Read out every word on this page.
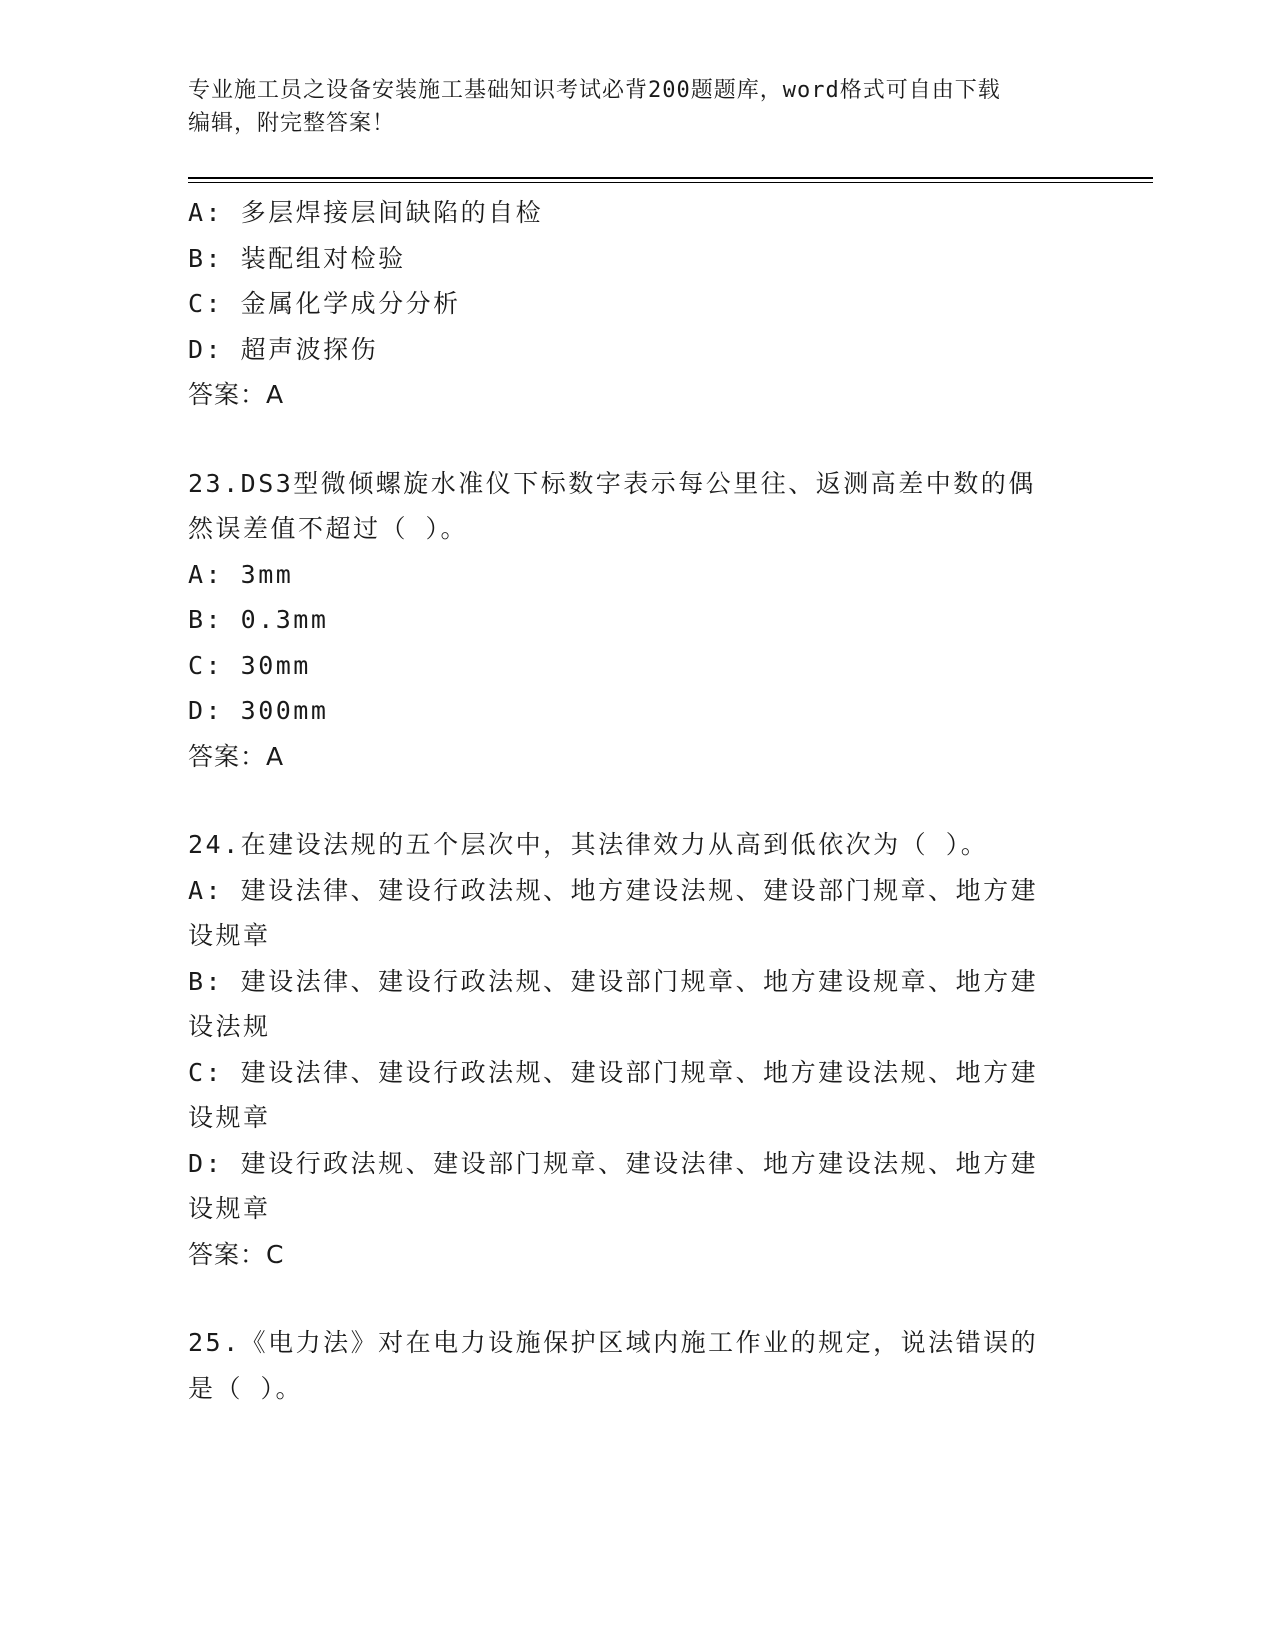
专业施工员之设备安装施工基础知识考试必背200题题库，word格式可自由下载
编辑，附完整答案！
A: 多层焊接层间缺陷的自检
B: 装配组对检验
C: 金属化学成分分析
D: 超声波探伤
答案：A
23.DS3型微倾螺旋水准仪下标数字表示每公里往、返测高差中数的偶
然误差值不超过（ ）。
A: 3mm
B: 0.3mm
C: 30mm
D: 300mm
答案：A
24.在建设法规的五个层次中，其法律效力从高到低依次为（ ）。
A: 建设法律、建设行政法规、地方建设法规、建设部门规章、地方建
设规章
B: 建设法律、建设行政法规、建设部门规章、地方建设规章、地方建
设法规
C: 建设法律、建设行政法规、建设部门规章、地方建设法规、地方建
设规章
D: 建设行政法规、建设部门规章、建设法律、地方建设法规、地方建
设规章
答案：C
25.《电力法》对在电力设施保护区域内施工作业的规定，说法错误的
是（ ）。
